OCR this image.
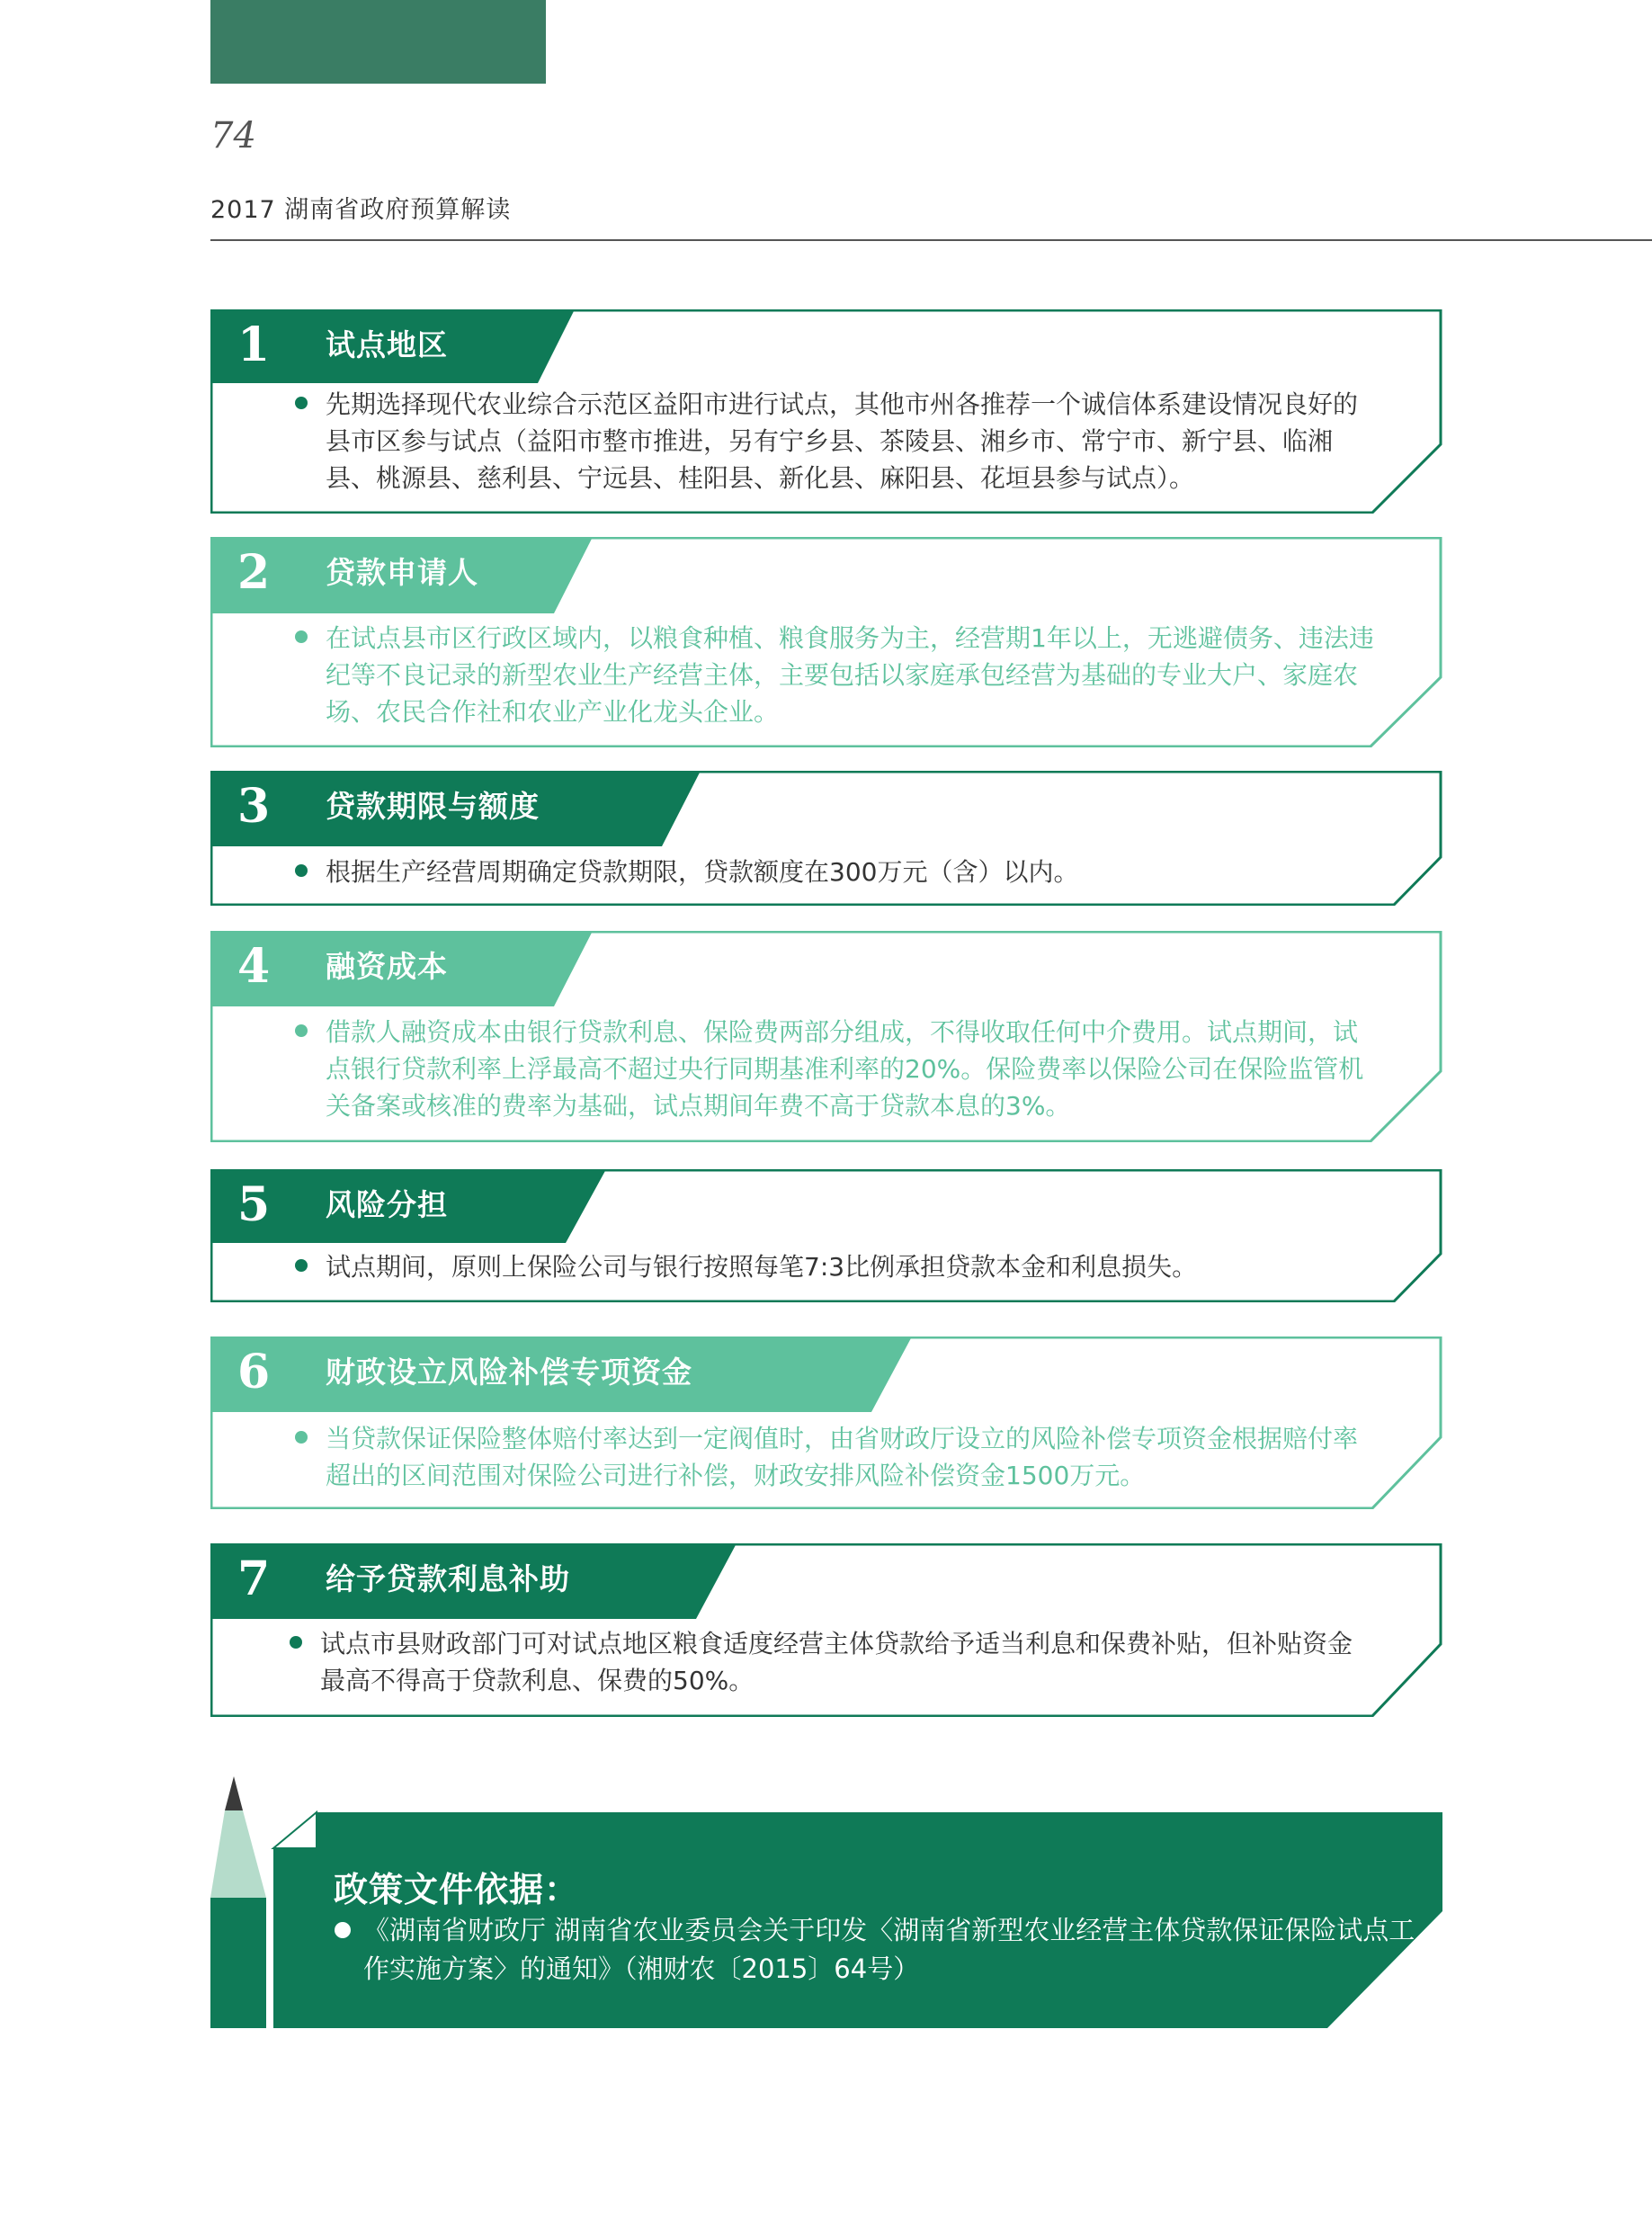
74
2017 湖南省政府预算解读
1 试点地区
先期选择现代农业综合示范区益阳市进行试点，其他市州各推荐一个诚信体系建设情况良好的县市区参与试点（益阳市整市推进，另有宁乡县、茶陵县、湘乡市、常宁市、新宁县、临湘县、桃源县、慈利县、宁远县、桂阳县、新化县、麻阳县、花垣县参与试点）。
2 贷款申请人
在试点县市区行政区域内，以粮食种植、粮食服务为主，经营期1年以上，无逃避债务、违法违纪等不良记录的新型农业生产经营主体，主要包括以家庭承包经营为基础的专业大户、家庭农场、农民合作社和农业产业化龙头企业。
3 贷款期限与额度
根据生产经营周期确定贷款期限，贷款额度在300万元（含）以内。
4 融资成本
借款人融资成本由银行贷款利息、保险费两部分组成，不得收取任何中介费用。试点期间，试点银行贷款利率上浮最高不超过央行同期基准利率的20%。保险费率以保险公司在保险监管机关备案或核准的费率为基础，试点期间年费不高于贷款本息的3%。
5 风险分担
试点期间，原则上保险公司与银行按照每笔7:3比例承担贷款本金和利息损失。
6 财政设立风险补偿专项资金
当贷款保证保险整体赔付率达到一定阀值时，由省财政厅设立的风险补偿专项资金根据赔付率超出的区间范围对保险公司进行补偿，财政安排风险补偿资金1500万元。
7 给予贷款利息补助
试点市县财政部门可对试点地区粮食适度经营主体贷款给予适当利息和保费补贴，但补贴资金最高不得高于贷款利息、保费的50%。
政策文件依据：
《湖南省财政厅 湖南省农业委员会关于印发〈湖南省新型农业经营主体贷款保证保险试点工作实施方案〉的通知》（湘财农〔2015〕64号）
